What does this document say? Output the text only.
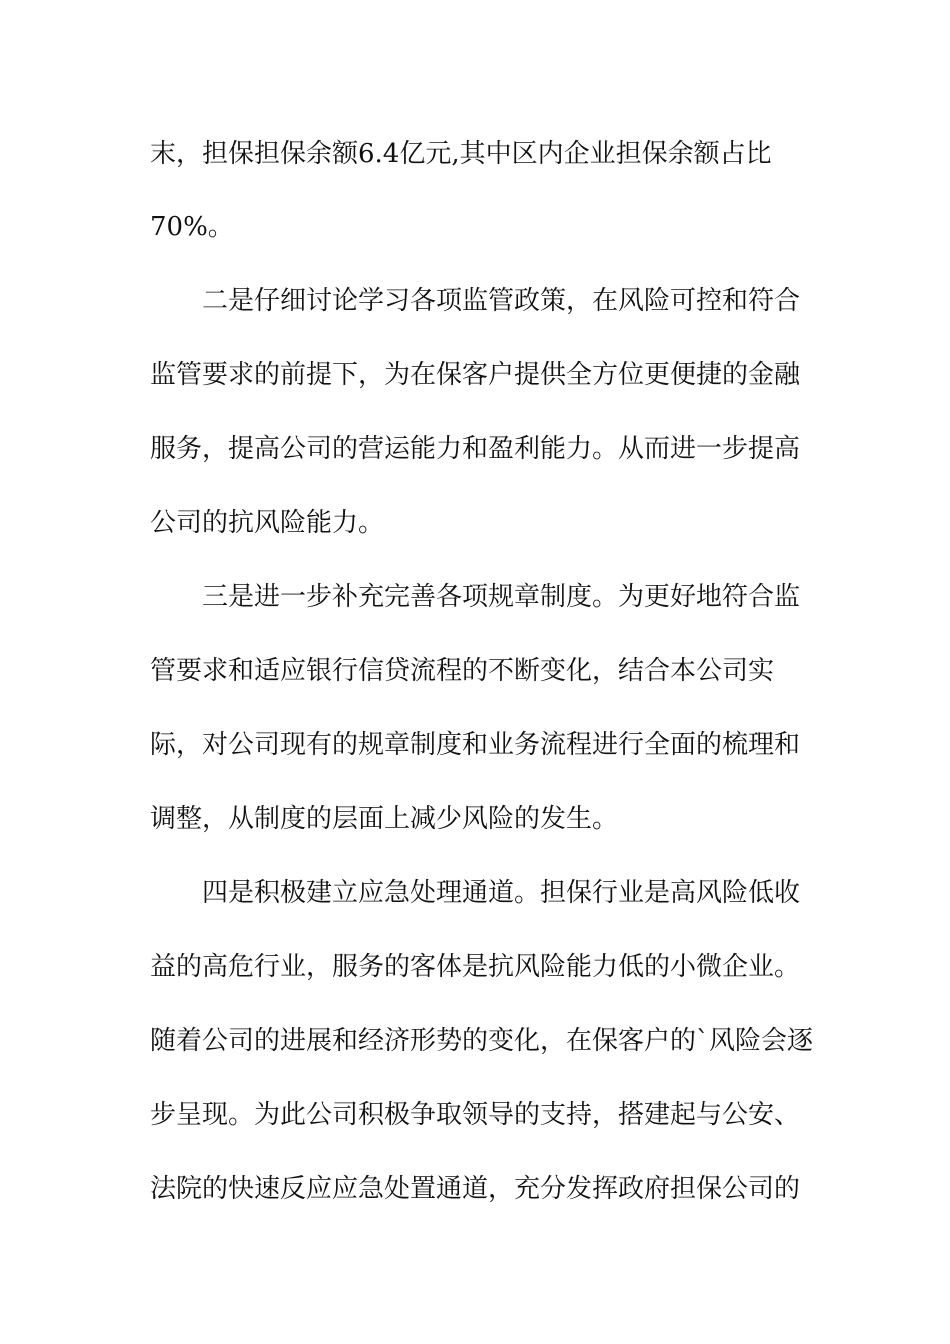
末，担保担保余额6.4亿元,其中区内企业担保余额占比
70%。
二是仔细讨论学习各项监管政策，在风险可控和符合
监管要求的前提下，为在保客户提供全方位更便捷的金融
服务，提高公司的营运能力和盈利能力。从而进一步提高
公司的抗风险能力。
三是进一步补充完善各项规章制度。为更好地符合监
管要求和适应银行信贷流程的不断变化，结合本公司实
际，对公司现有的规章制度和业务流程进行全面的梳理和
调整，从制度的层面上减少风险的发生。
四是积极建立应急处理通道。担保行业是高风险低收
益的高危行业，服务的客体是抗风险能力低的小微企业。
随着公司的进展和经济形势的变化，在保客户的`风险会逐
步呈现。为此公司积极争取领导的支持，搭建起与公安、
法院的快速反应应急处置通道，充分发挥政府担保公司的
